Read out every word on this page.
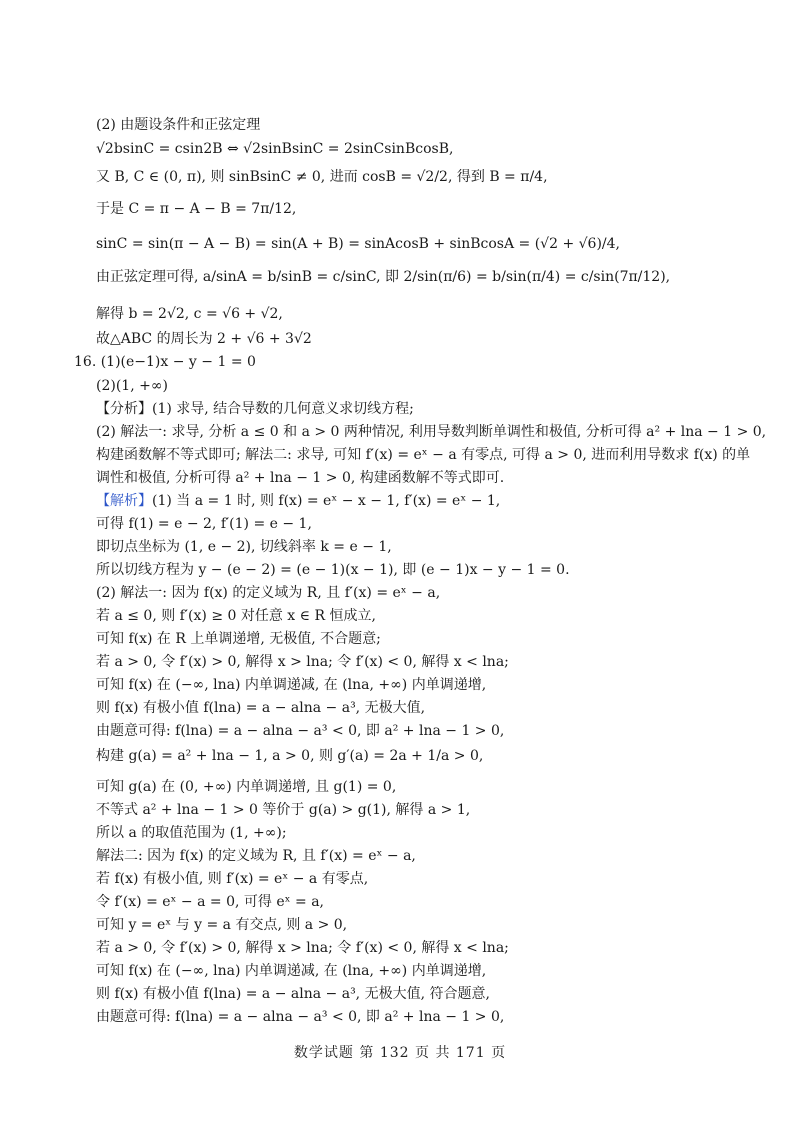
(2) 由题设条件和正弦定理
√2bsinC = csin2B ⇔ √2sinBsinC = 2sinCsinBcosB,
又 B, C ∈ (0, π), 则 sinBsinC ≠ 0, 进而 cosB = √2/2, 得到 B = π/4,
于是 C = π − A − B = 7π/12,
sinC = sin(π − A − B) = sin(A + B) = sinAcosB + sinBcosA = (√2 + √6)/4,
由正弦定理可得, a/sinA = b/sinB = c/sinC, 即 2/sin(π/6) = b/sin(π/4) = c/sin(7π/12),
解得 b = 2√2, c = √6 + √2,
故△ABC 的周长为 2 + √6 + 3√2
16. (1)(e−1)x − y − 1 = 0
(2)(1, +∞)
【分析】(1) 求导, 结合导数的几何意义求切线方程;
(2) 解法一: 求导, 分析 a ≤ 0 和 a > 0 两种情况, 利用导数判断单调性和极值, 分析可得 a² + lna − 1 > 0,
构建函数解不等式即可; 解法二: 求导, 可知 f′(x) = eˣ − a 有零点, 可得 a > 0, 进而利用导数求 f(x) 的单
调性和极值, 分析可得 a² + lna − 1 > 0, 构建函数解不等式即可.
【解析】(1) 当 a = 1 时, 则 f(x) = eˣ − x − 1, f′(x) = eˣ − 1,
可得 f(1) = e − 2, f′(1) = e − 1,
即切点坐标为 (1, e − 2), 切线斜率 k = e − 1,
所以切线方程为 y − (e − 2) = (e − 1)(x − 1), 即 (e − 1)x − y − 1 = 0.
(2) 解法一: 因为 f(x) 的定义域为 R, 且 f′(x) = eˣ − a,
若 a ≤ 0, 则 f′(x) ≥ 0 对任意 x ∈ R 恒成立,
可知 f(x) 在 R 上单调递增, 无极值, 不合题意;
若 a > 0, 令 f′(x) > 0, 解得 x > lna; 令 f′(x) < 0, 解得 x < lna;
可知 f(x) 在 (−∞, lna) 内单调递减, 在 (lna, +∞) 内单调递增,
则 f(x) 有极小值 f(lna) = a − alna − a³, 无极大值,
由题意可得: f(lna) = a − alna − a³ < 0, 即 a² + lna − 1 > 0,
构建 g(a) = a² + lna − 1, a > 0, 则 g′(a) = 2a + 1/a > 0,
可知 g(a) 在 (0, +∞) 内单调递增, 且 g(1) = 0,
不等式 a² + lna − 1 > 0 等价于 g(a) > g(1), 解得 a > 1,
所以 a 的取值范围为 (1, +∞);
解法二: 因为 f(x) 的定义域为 R, 且 f′(x) = eˣ − a,
若 f(x) 有极小值, 则 f′(x) = eˣ − a 有零点,
令 f′(x) = eˣ − a = 0, 可得 eˣ = a,
可知 y = eˣ 与 y = a 有交点, 则 a > 0,
若 a > 0, 令 f′(x) > 0, 解得 x > lna; 令 f′(x) < 0, 解得 x < lna;
可知 f(x) 在 (−∞, lna) 内单调递减, 在 (lna, +∞) 内单调递增,
则 f(x) 有极小值 f(lna) = a − alna − a³, 无极大值, 符合题意,
由题意可得: f(lna) = a − alna − a³ < 0, 即 a² + lna − 1 > 0,
数学试题 第 132 页 共 171 页
